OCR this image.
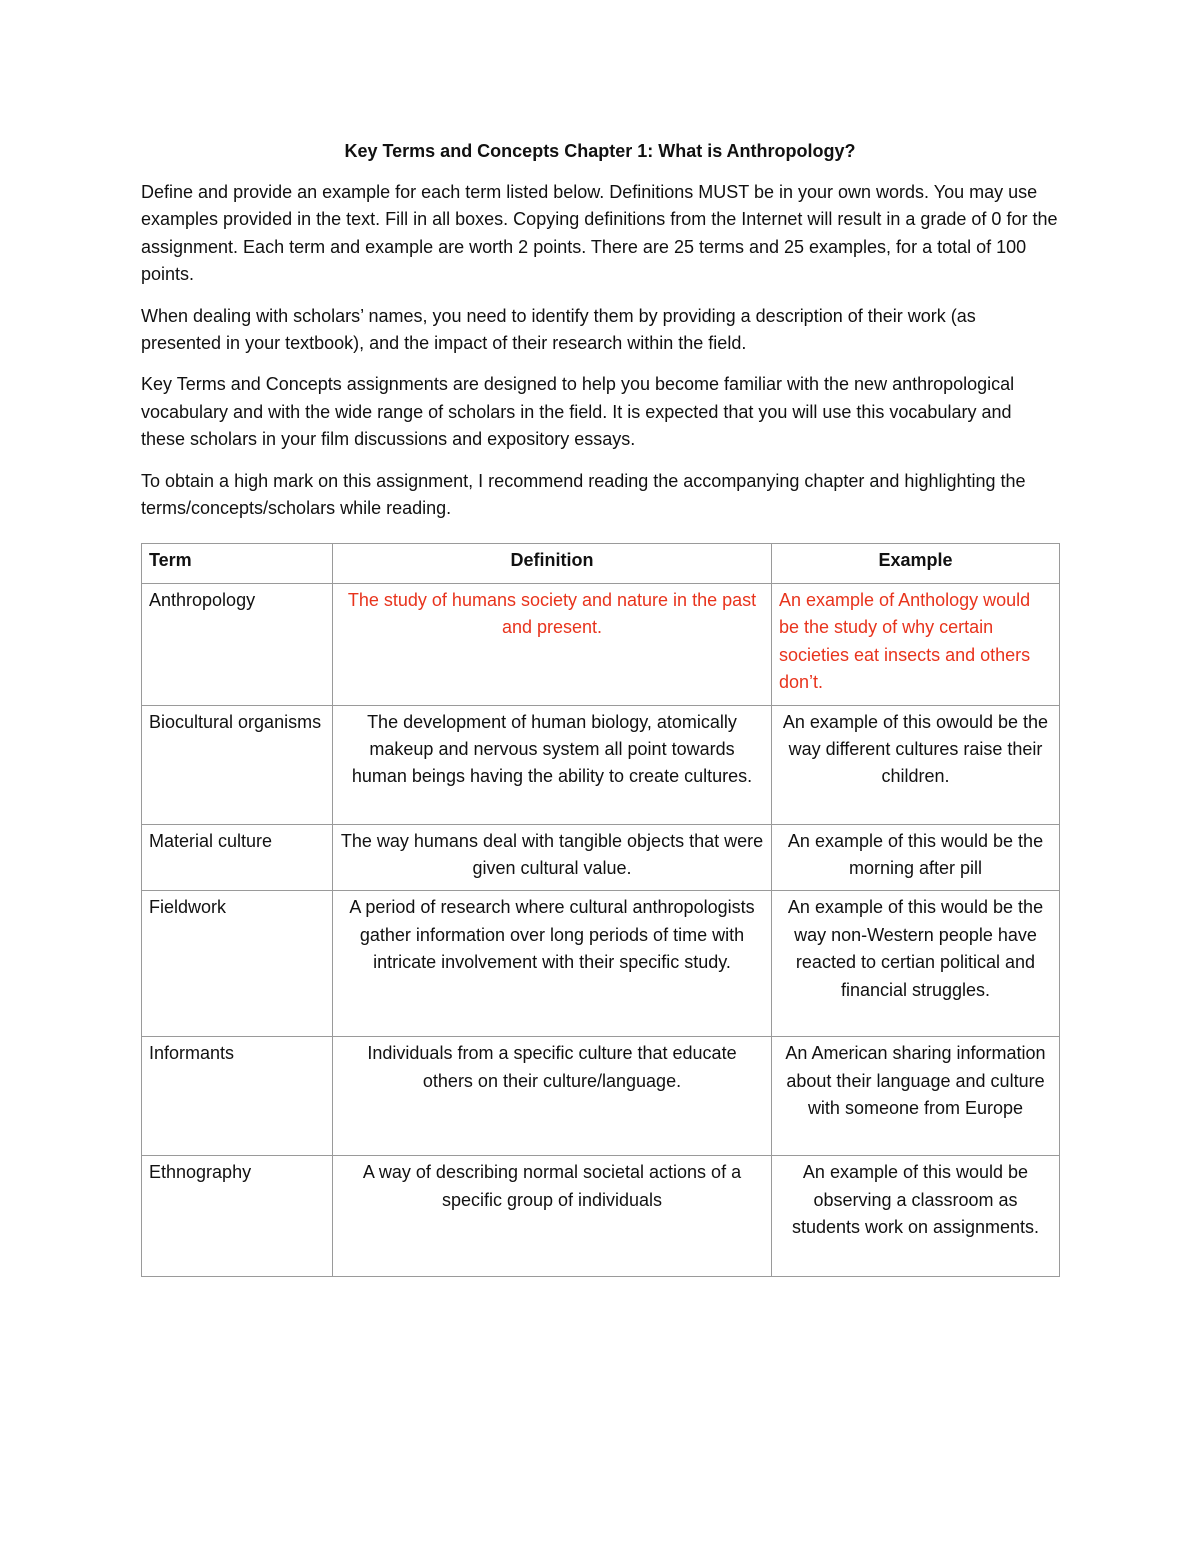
Key Terms and Concepts Chapter 1: What is Anthropology?

Define and provide an example for each term listed below. Definitions MUST be in your own words. You may use examples provided in the text. Fill in all boxes. Copying definitions from the Internet will result in a grade of 0 for the assignment. Each term and example are worth 2 points. There are 25 terms and 25 examples, for a total of 100 points.

When dealing with scholars’ names, you need to identify them by providing a description of their work (as presented in your textbook), and the impact of their research within the field.

Key Terms and Concepts assignments are designed to help you become familiar with the new anthropological vocabulary and with the wide range of scholars in the field. It is expected that you will use this vocabulary and these scholars in your film discussions and expository essays.

To obtain a high mark on this assignment, I recommend reading the accompanying chapter and highlighting the terms/concepts/scholars while reading.

Term	Definition	Example
Anthropology	The study of humans society and nature in the past and present.	An example of Anthology would be the study of why certain societies eat insects and others don’t.
Biocultural organisms	The development of human biology, atomically makeup and nervous system all point towards human beings having the ability to create cultures.	An example of this owould be the way different cultures raise their children.
Material culture	The way humans deal with tangible objects that were given cultural value.	An example of this would be the morning after pill
Fieldwork	A period of research where cultural anthropologists gather information over long periods of time with intricate involvement with their specific study.	An example of this would be the way non-Western people have reacted to certian political and financial struggles.
Informants	Individuals from a specific culture that educate others on their culture/language.	An American sharing information about their language and culture with someone from Europe
Ethnography	A way of describing normal societal actions of a specific group of individuals	An example of this would be observing a classroom as students work on assignments.
